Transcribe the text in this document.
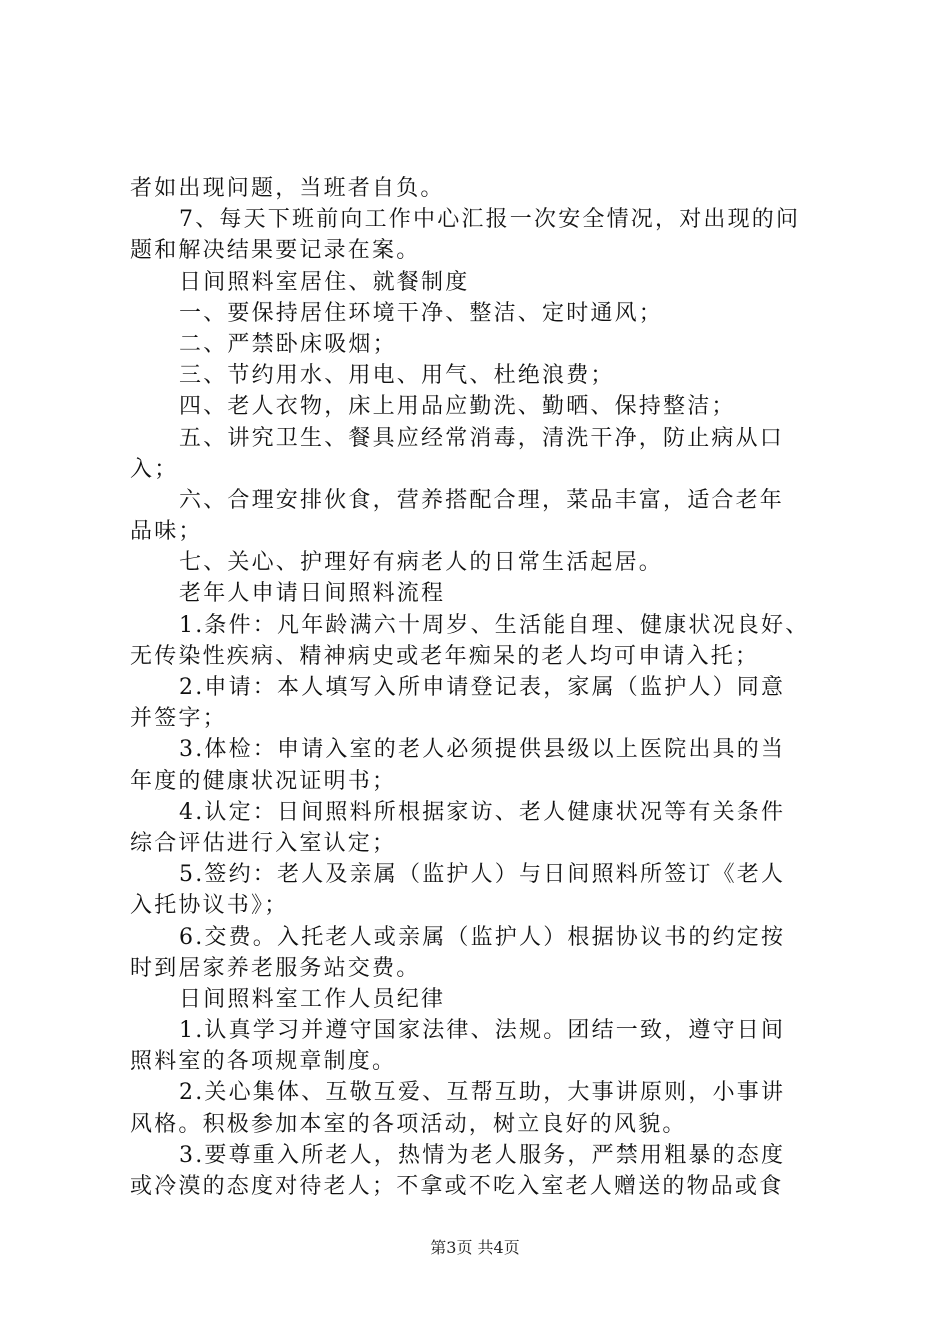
者如出现问题，当班者自负。
7、每天下班前向工作中心汇报一次安全情况，对出现的问
题和解决结果要记录在案。
日间照料室居住、就餐制度
一、要保持居住环境干净、整洁、定时通风；
二、严禁卧床吸烟；
三、节约用水、用电、用气、杜绝浪费；
四、老人衣物，床上用品应勤洗、勤晒、保持整洁；
五、讲究卫生、餐具应经常消毒，清洗干净，防止病从口
入；
六、合理安排伙食，营养搭配合理，菜品丰富，适合老年
品味；
七、关心、护理好有病老人的日常生活起居。
老年人申请日间照料流程
1.条件：凡年龄满六十周岁、生活能自理、健康状况良好、
无传染性疾病、精神病史或老年痴呆的老人均可申请入托；
2.申请：本人填写入所申请登记表，家属（监护人）同意
并签字；
3.体检：申请入室的老人必须提供县级以上医院出具的当
年度的健康状况证明书；
4.认定：日间照料所根据家访、老人健康状况等有关条件
综合评估进行入室认定；
5.签约：老人及亲属（监护人）与日间照料所签订《老人
入托协议书》；
6.交费。入托老人或亲属（监护人）根据协议书的约定按
时到居家养老服务站交费。
日间照料室工作人员纪律
1.认真学习并遵守国家法律、法规。团结一致，遵守日间
照料室的各项规章制度。
2.关心集体、互敬互爱、互帮互助，大事讲原则，小事讲
风格。积极参加本室的各项活动，树立良好的风貌。
3.要尊重入所老人，热情为老人服务，严禁用粗暴的态度
或冷漠的态度对待老人；不拿或不吃入室老人赠送的物品或食
第3页 共4页
